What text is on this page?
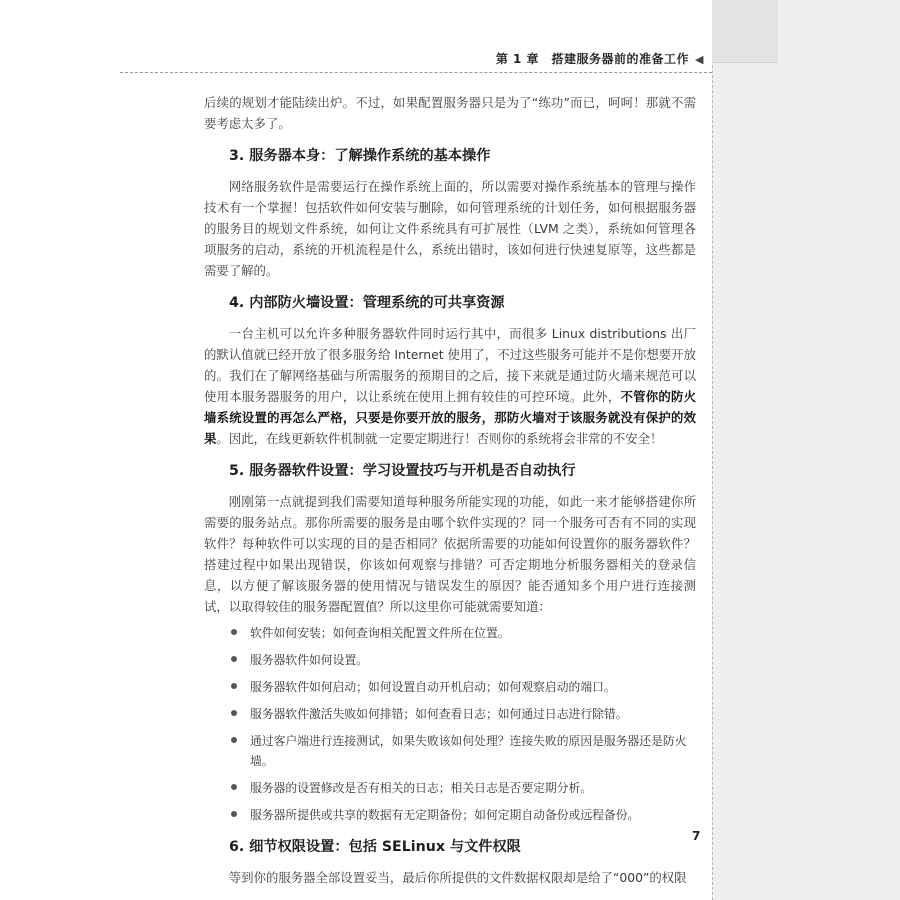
第 1 章　搭建服务器前的准备工作 ◀

后续的规划才能陆续出炉。不过，如果配置服务器只是为了“练功”而已，呵呵！那就不需要考虑太多了。

3. 服务器本身：了解操作系统的基本操作

网络服务软件是需要运行在操作系统上面的，所以需要对操作系统基本的管理与操作技术有一个掌握！包括软件如何安装与删除，如何管理系统的计划任务，如何根据服务器的服务目的规划文件系统，如何让文件系统具有可扩展性（LVM 之类），系统如何管理各项服务的启动，系统的开机流程是什么，系统出错时，该如何进行快速复原等，这些都是需要了解的。

4. 内部防火墙设置：管理系统的可共享资源

一台主机可以允许多种服务器软件同时运行其中，而很多 Linux distributions 出厂的默认值就已经开放了很多服务给 Internet 使用了，不过这些服务可能并不是你想要开放的。我们在了解网络基础与所需服务的预期目的之后，接下来就是通过防火墙来规范可以使用本服务器服务的用户，以让系统在使用上拥有较佳的可控环境。此外，不管你的防火墙系统设置的再怎么严格，只要是你要开放的服务，那防火墙对于该服务就没有保护的效果。因此，在线更新软件机制就一定要定期进行！否则你的系统将会非常的不安全！

5. 服务器软件设置：学习设置技巧与开机是否自动执行

刚刚第一点就提到我们需要知道每种服务所能实现的功能，如此一来才能够搭建你所需要的服务站点。那你所需要的服务是由哪个软件实现的？同一个服务可否有不同的实现软件？每种软件可以实现的目的是否相同？依据所需要的功能如何设置你的服务器软件？搭建过程中如果出现错误，你该如何观察与排错？可否定期地分析服务器相关的登录信息，以方便了解该服务器的使用情况与错误发生的原因？能否通知多个用户进行连接测试，以取得较佳的服务器配置值？所以这里你可能就需要知道：

软件如何安装；如何查询相关配置文件所在位置。
服务器软件如何设置。
服务器软件如何启动；如何设置自动开机启动；如何观察启动的端口。
服务器软件激活失败如何排错；如何查看日志；如何通过日志进行除错。
通过客户端进行连接测试，如果失败该如何处理？连接失败的原因是服务器还是防火墙。
服务器的设置修改是否有相关的日志；相关日志是否要定期分析。
服务器所提供或共享的数据有无定期备份；如何定期自动备份或远程备份。
6. 细节权限设置：包括 SELinux 与文件权限

等到你的服务器全部设置妥当，最后你所提供的文件数据权限却是给了“000”的权限

7
